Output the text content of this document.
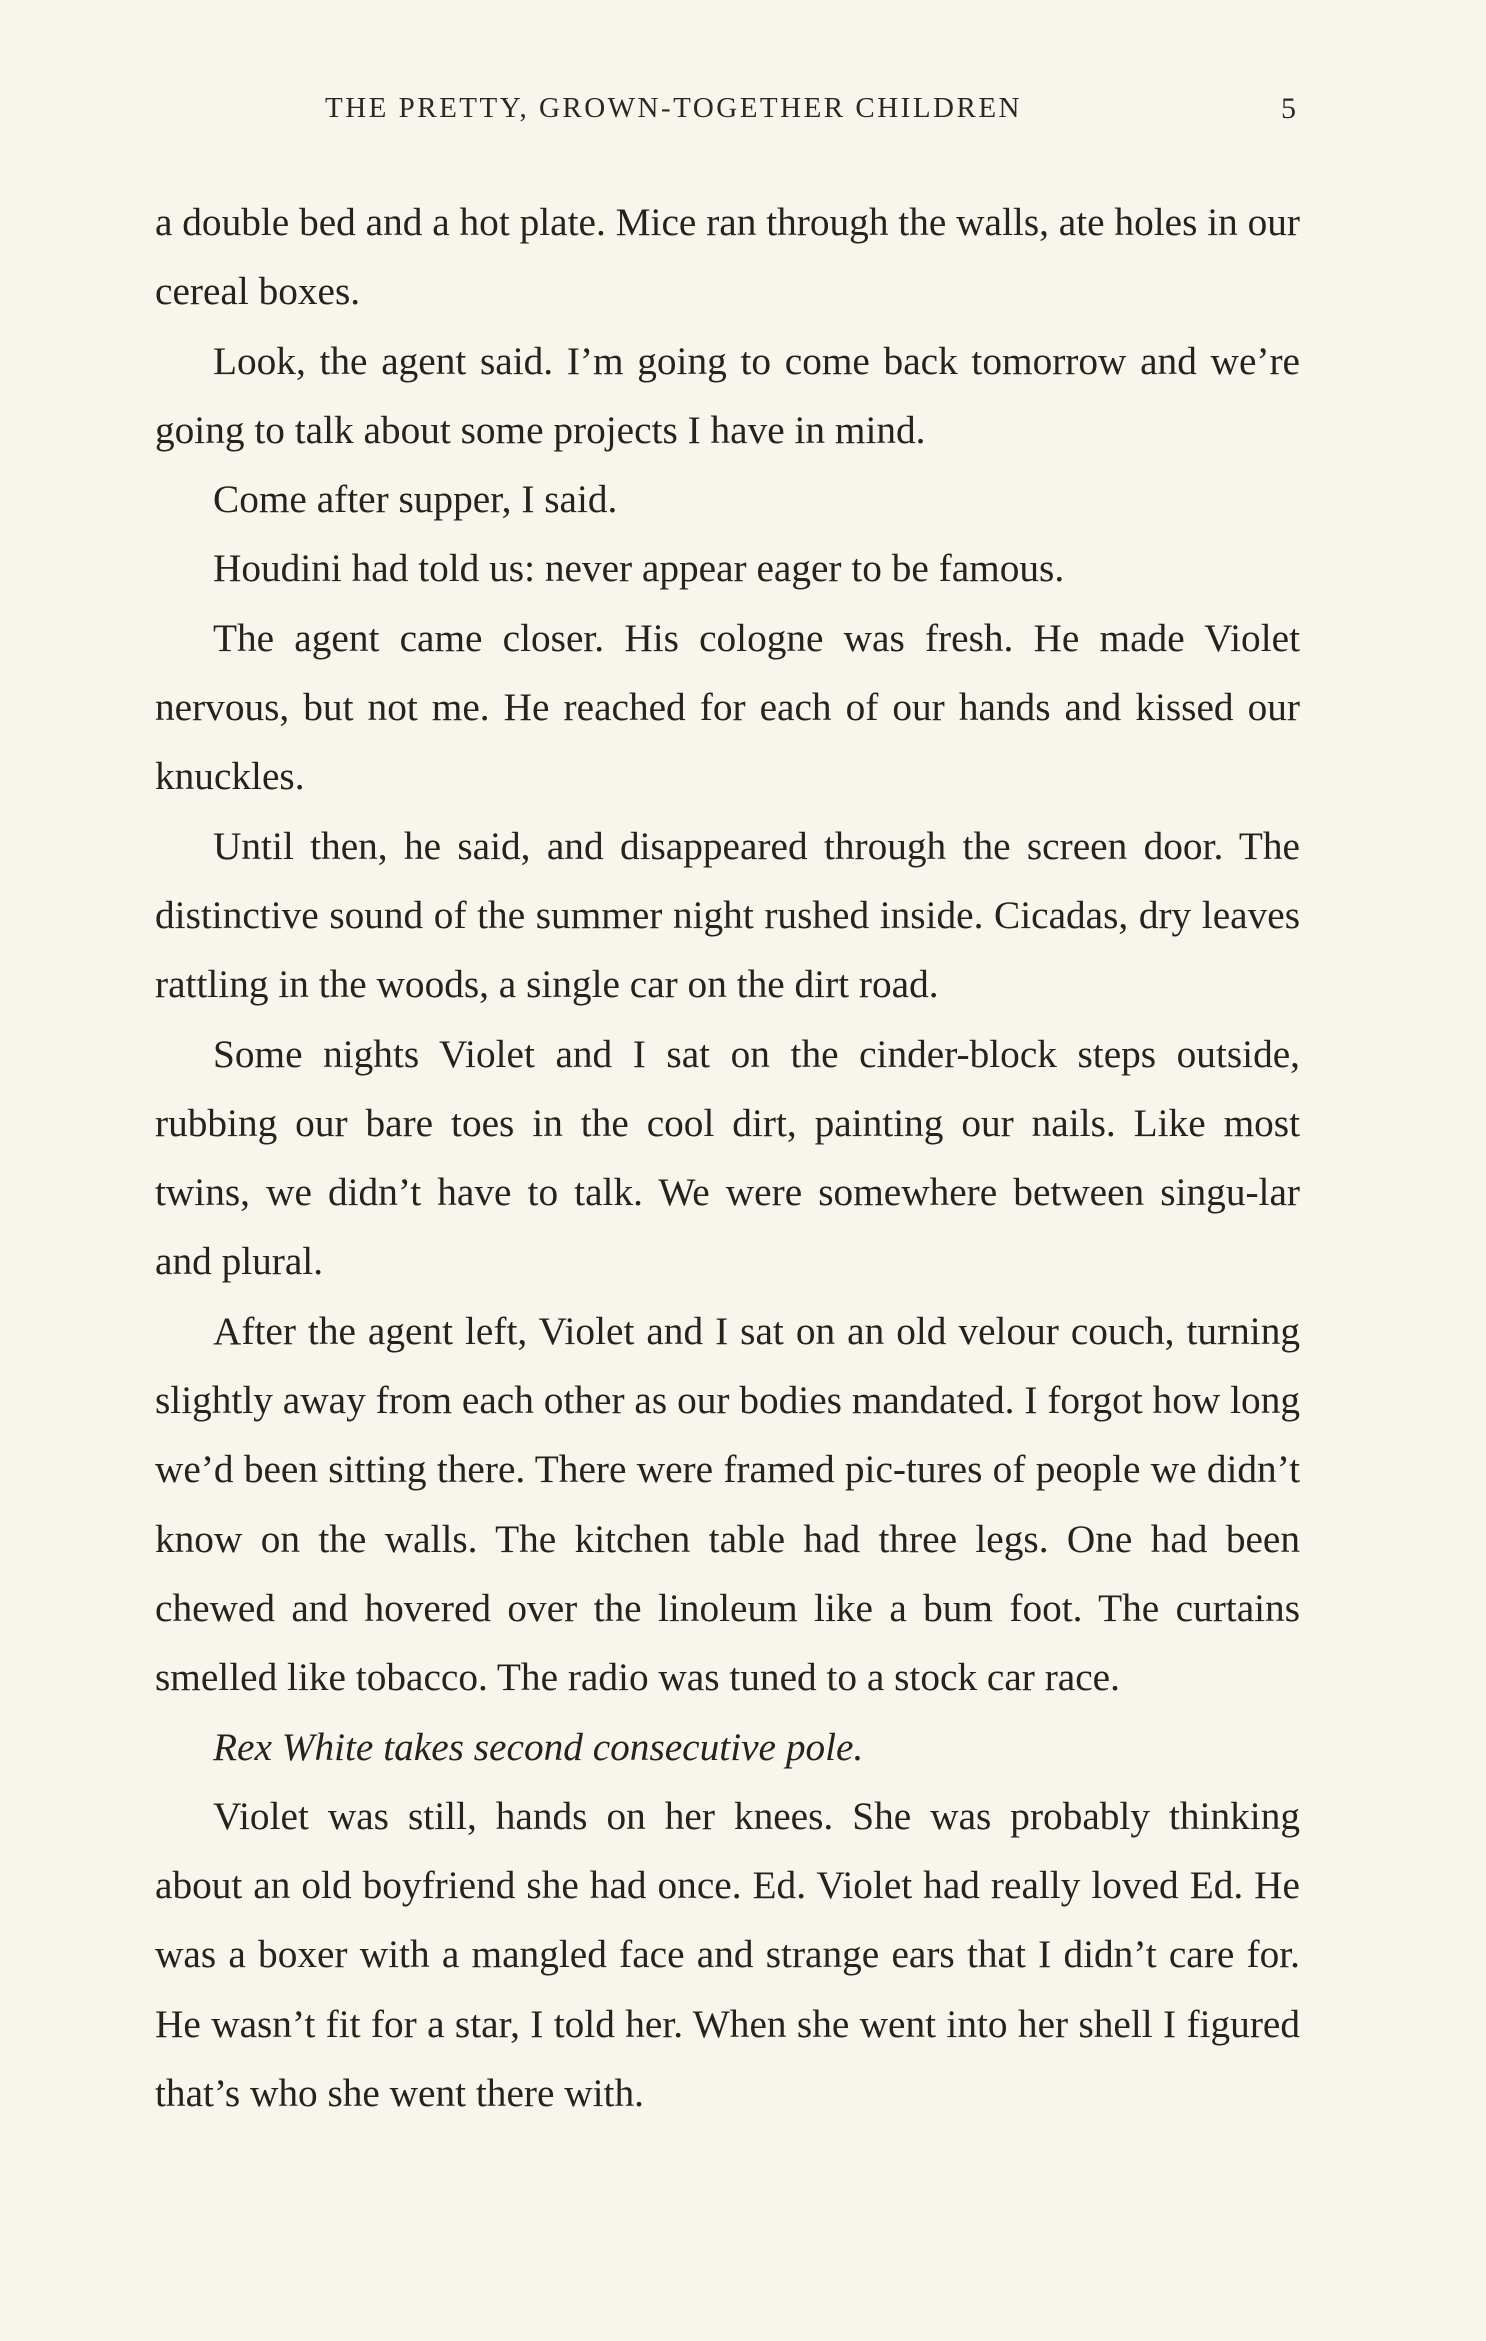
THE PRETTY, GROWN-TOGETHER CHILDREN	5

a double bed and a hot plate. Mice ran through the walls, ate holes in our cereal boxes.

Look, the agent said. I’m going to come back tomorrow and we’re going to talk about some projects I have in mind.

Come after supper, I said.

Houdini had told us: never appear eager to be famous.

The agent came closer. His cologne was fresh. He made Violet nervous, but not me. He reached for each of our hands and kissed our knuckles.

Until then, he said, and disappeared through the screen door. The distinctive sound of the summer night rushed inside. Cicadas, dry leaves rattling in the woods, a single car on the dirt road.

Some nights Violet and I sat on the cinder-block steps outside, rubbing our bare toes in the cool dirt, painting our nails. Like most twins, we didn’t have to talk. We were somewhere between singu-lar and plural.

After the agent left, Violet and I sat on an old velour couch, turning slightly away from each other as our bodies mandated. I forgot how long we’d been sitting there. There were framed pic-tures of people we didn’t know on the walls. The kitchen table had three legs. One had been chewed and hovered over the linoleum like a bum foot. The curtains smelled like tobacco. The radio was tuned to a stock car race.

Rex White takes second consecutive pole.

Violet was still, hands on her knees. She was probably thinking about an old boyfriend she had once. Ed. Violet had really loved Ed. He was a boxer with a mangled face and strange ears that I didn’t care for. He wasn’t fit for a star, I told her. When she went into her shell I figured that’s who she went there with.
